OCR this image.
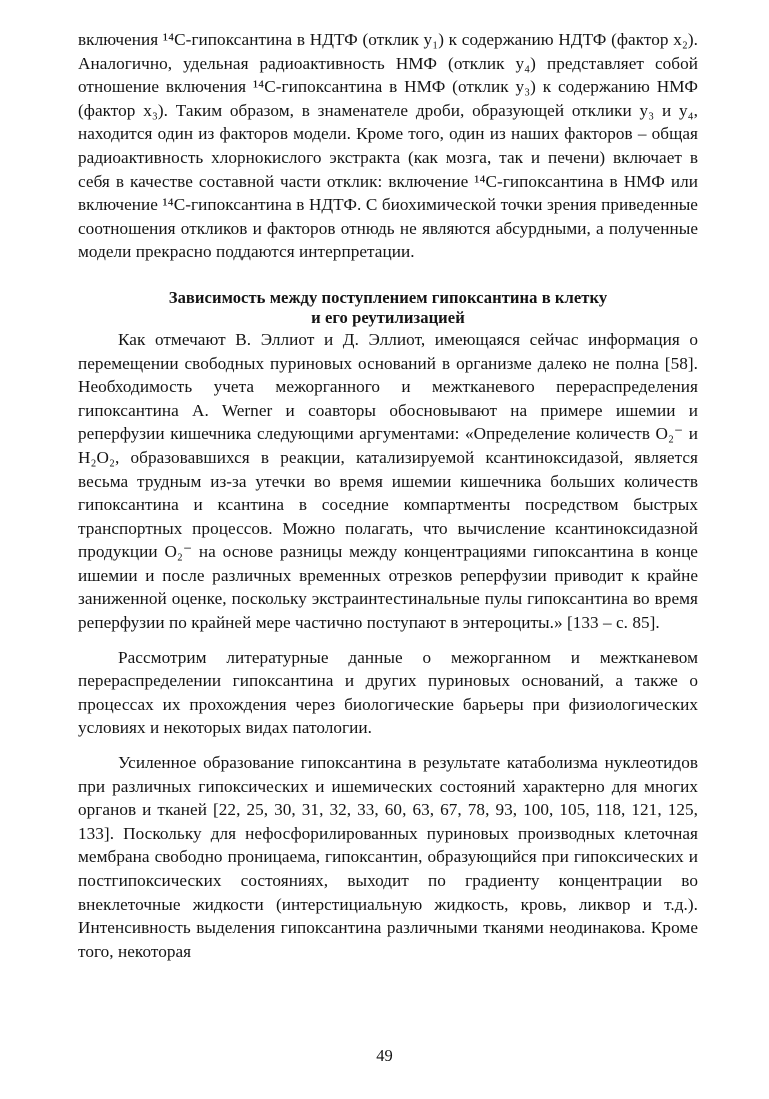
включения ¹⁴С-гипоксантина в НДТФ (отклик y₁) к содержанию НДТФ (фактор x₂). Аналогично, удельная радиоактивность НМФ (отклик y₄) представляет собой отношение включения ¹⁴С-гипоксантина в НМФ (отклик y₃) к содержанию НМФ (фактор x₃). Таким образом, в знаменателе дроби, образующей отклики y₃ и y₄, находится один из факторов модели. Кроме того, один из наших факторов – общая радиоактивность хлорнокислого экстракта (как мозга, так и печени) включает в себя в качестве составной части отклик: включение ¹⁴С-гипоксантина в НМФ или включение ¹⁴С-гипоксантина в НДТФ. С биохимической точки зрения приведенные соотношения откликов и факторов отнюдь не являются абсурдными, а полученные модели прекрасно поддаются интерпретации.

Зависимость между поступлением гипоксантина в клетку
и его реутилизацией

Как отмечают В. Эллиот и Д. Эллиот, имеющаяся сейчас информация о перемещении свободных пуриновых оснований в организме далеко не полна [58]. Необходимость учета межорганного и межтканевого перераспределения гипоксантина A. Werner и соавторы обосновывают на примере ишемии и реперфузии кишечника следующими аргументами: «Определение количеств O₂⁻ и H₂O₂, образовавшихся в реакции, катализируемой ксантиноксидазой, является весьма трудным из-за утечки во время ишемии кишечника больших количеств гипоксантина и ксантина в соседние компартменты посредством быстрых транспортных процессов. Можно полагать, что вычисление ксантиноксидазной продукции O₂⁻ на основе разницы между концентрациями гипоксантина в конце ишемии и после различных временных отрезков реперфузии приводит к крайне заниженной оценке, поскольку экстраинтестинальные пулы гипоксантина во время реперфузии по крайней мере частично поступают в энтероциты.» [133 – с. 85].

Рассмотрим литературные данные о межорганном и межтканевом перераспределении гипоксантина и других пуриновых оснований, а также о процессах их прохождения через биологические барьеры при физиологических условиях и некоторых видах патологии.

Усиленное образование гипоксантина в результате катаболизма нуклеотидов при различных гипоксических и ишемических состояний характерно для многих органов и тканей [22, 25, 30, 31, 32, 33, 60, 63, 67, 78, 93, 100, 105, 118, 121, 125, 133]. Поскольку для нефосфорилированных пуриновых производных клеточная мембрана свободно проницаема, гипоксантин, образующийся при гипоксических и постгипоксических состояниях, выходит по градиенту концентрации во внеклеточные жидкости (интерстициальную жидкость, кровь, ликвор и т.д.). Интенсивность выделения гипоксантина различными тканями неодинакова. Кроме того, некоторая

49
